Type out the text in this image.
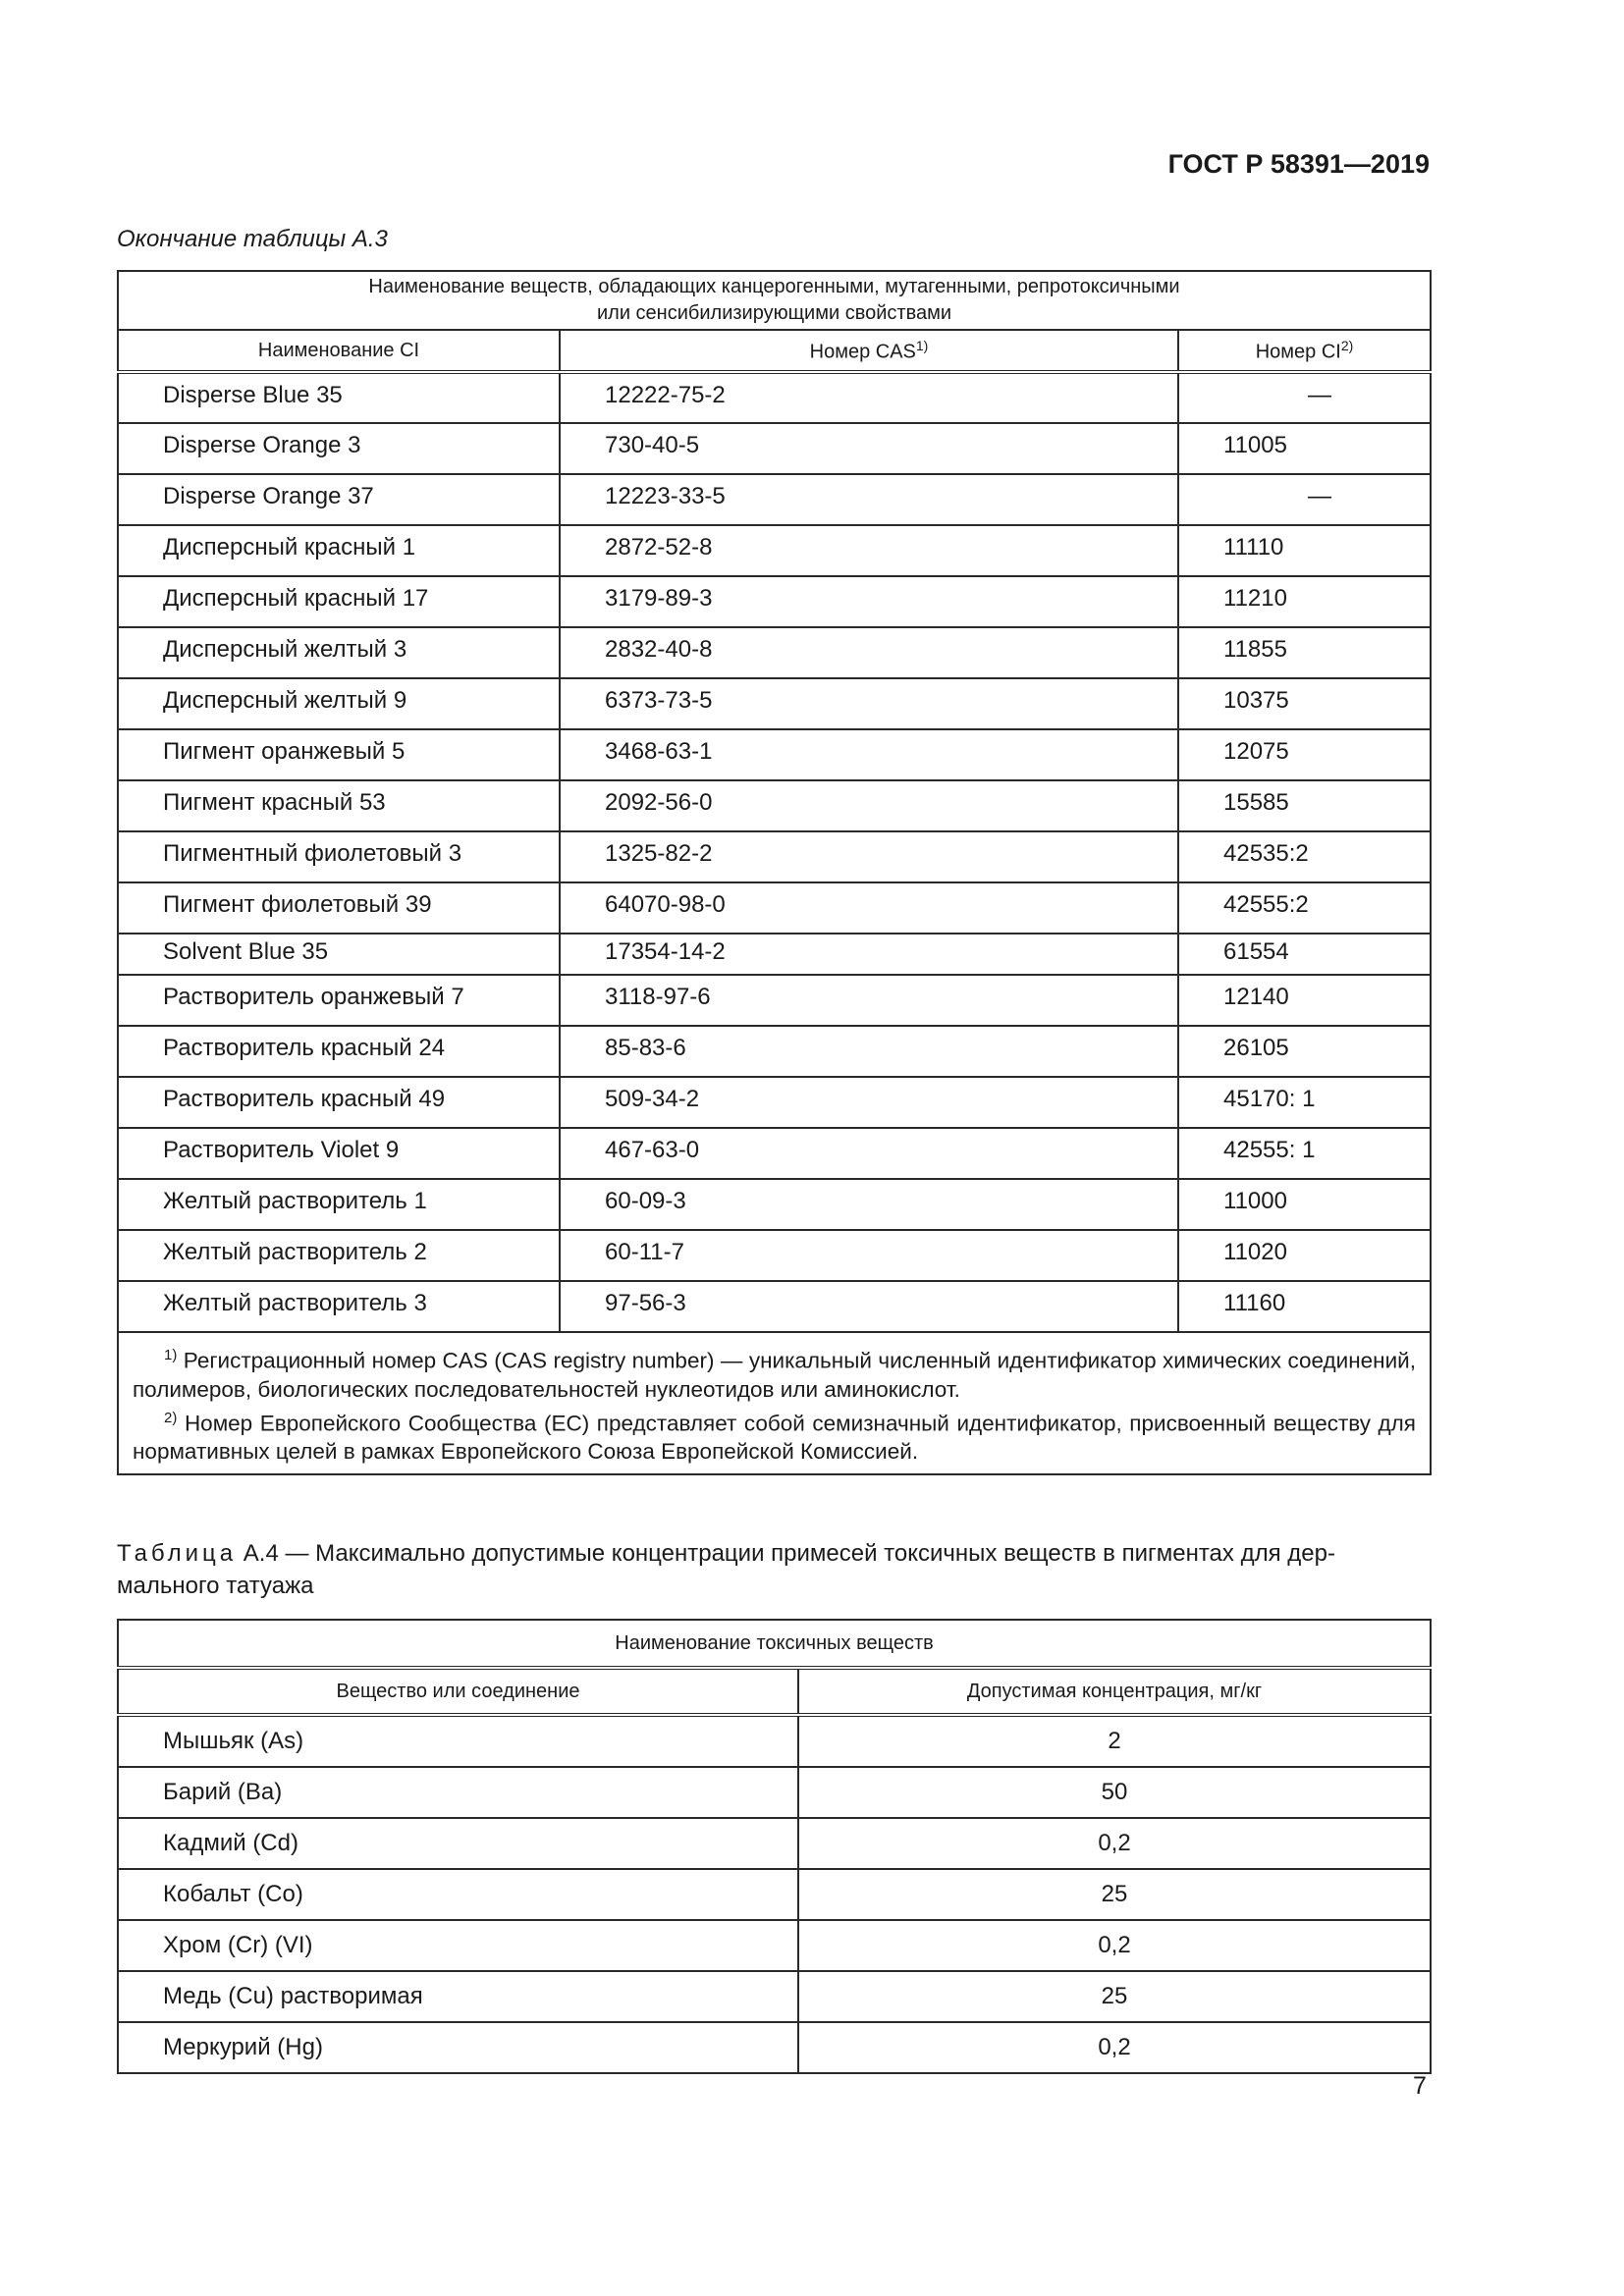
ГОСТ Р 58391—2019
Окончание таблицы А.3
Наименование веществ, обладающих канцерогенными, мутагенными, репротоксичными
или сенсибилизирующими свойствами		

Наименование CI	Номер CAS$^{1)}$	Номер CI$^{2)}$
Disperse Blue 35	12222-75-2	—
Disperse Orange 3	730-40-5	11005
Disperse Orange 37	12223-33-5	—
Дисперсный красный 1	2872-52-8	11110
Дисперсный красный 17	3179-89-3	11210
Дисперсный желтый 3	2832-40-8	11855
Дисперсный желтый 9	6373-73-5	10375
Пигмент оранжевый 5	3468-63-1	12075
Пигмент красный 53	2092-56-0	15585
Пигментный фиолетовый 3	1325-82-2	42535:2
Пигмент фиолетовый 39	64070-98-0	42555:2
Solvent Blue 35	17354-14-2	61554
Растворитель оранжевый 7	3118-97-6	12140
Растворитель красный 24	85-83-6	26105
Растворитель красный 49	509-34-2	45170: 1
Растворитель Violet 9	467-63-0	42555: 1
Желтый растворитель 1	60-09-3	11000
Желтый растворитель 2	60-11-7	11020
Желтый растворитель 3	97-56-3	11160

$^{1)}$ Регистрационный номер CAS (CAS registry number) — уникальный численный идентификатор химических соединений, полимеров, биологических последовательностей нуклеотидов или аминокислот.
$^{2)}$ Номер Европейского Сообщества (ЕС) представляет собой семизначный идентификатор, присвоенный веществу для нормативных целей в рамках Европейского Союза Европейской Комиссией.		
Таблица А.4 — Максимально допустимые концентрации примесей токсичных веществ в пигментах для дер-мального татуажа
Наименование токсичных веществ	
Вещество или соединение	Допустимая концентрация, мг/кг
Мышьяк (As)	2
Барий (Ba)	50
Кадмий (Cd)	0,2
Кобальт (Co)	25
Хром (Cr) (VI)	0,2
Медь (Cu) растворимая	25
Меркурий (Hg)	0,2
7
